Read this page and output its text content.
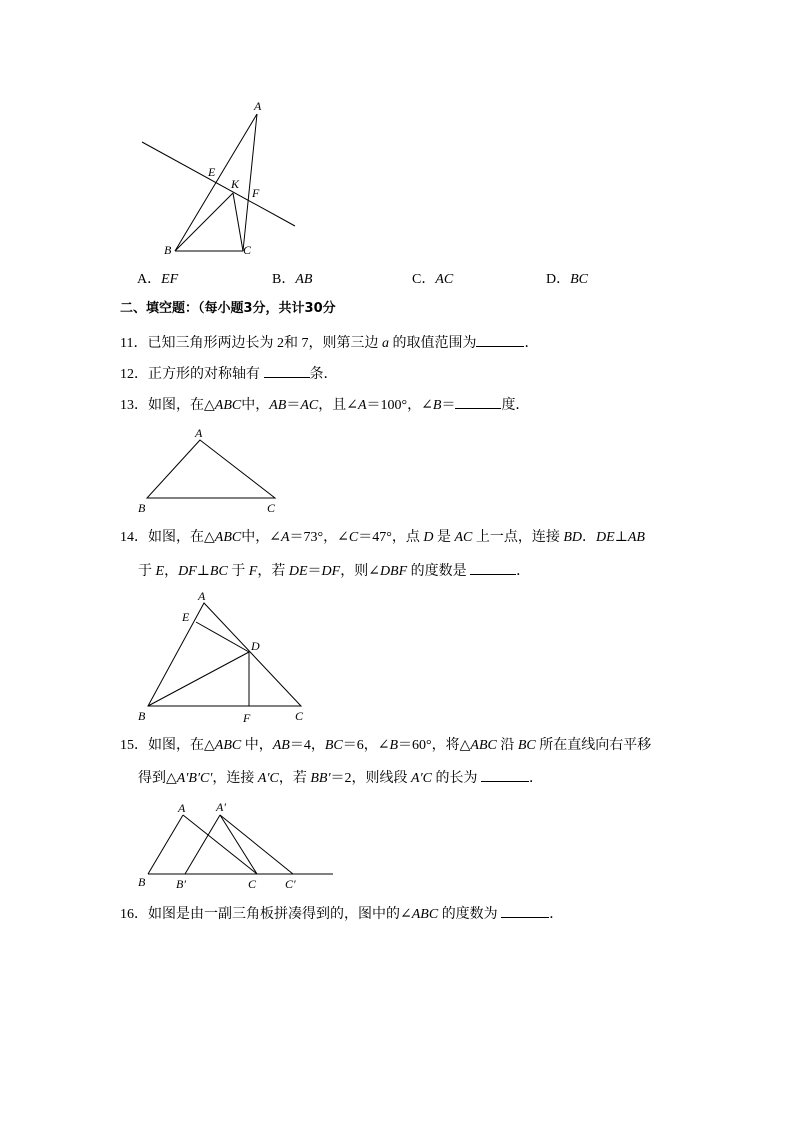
A
E
K
F
B	C
A．EF	B．AB	C．AC	D．BC
二、填空题：（每小题3分，共计30分
11．已知三角形两边长为 2和 7，则第三边 a 的取值范围为	．
12．正方形的对称轴有	条．
13．如图，在△ABC中，AB＝AC，且∠A＝100°，∠B＝	度．
A
B	C
14．如图，在△ABC中，∠A＝73°，∠C＝47°，点 D 是 AC 上一点，连接 BD．DE⊥AB
于 E，DF⊥BC 于 F，若 DE＝DF，则∠DBF 的度数是	．
A
E
D
B	F	C
15．如图，在△ABC 中，AB＝4，BC＝6，∠B＝60°，将△ABC 沿 BC 所在直线向右平移
得到△A′B′C′，连接 A′C，若 BB′＝2，则线段 A′C 的长为	．
A	A′
B	B′	C C′
16．如图是由一副三角板拼凑得到的，图中的∠ABC 的度数为	．
